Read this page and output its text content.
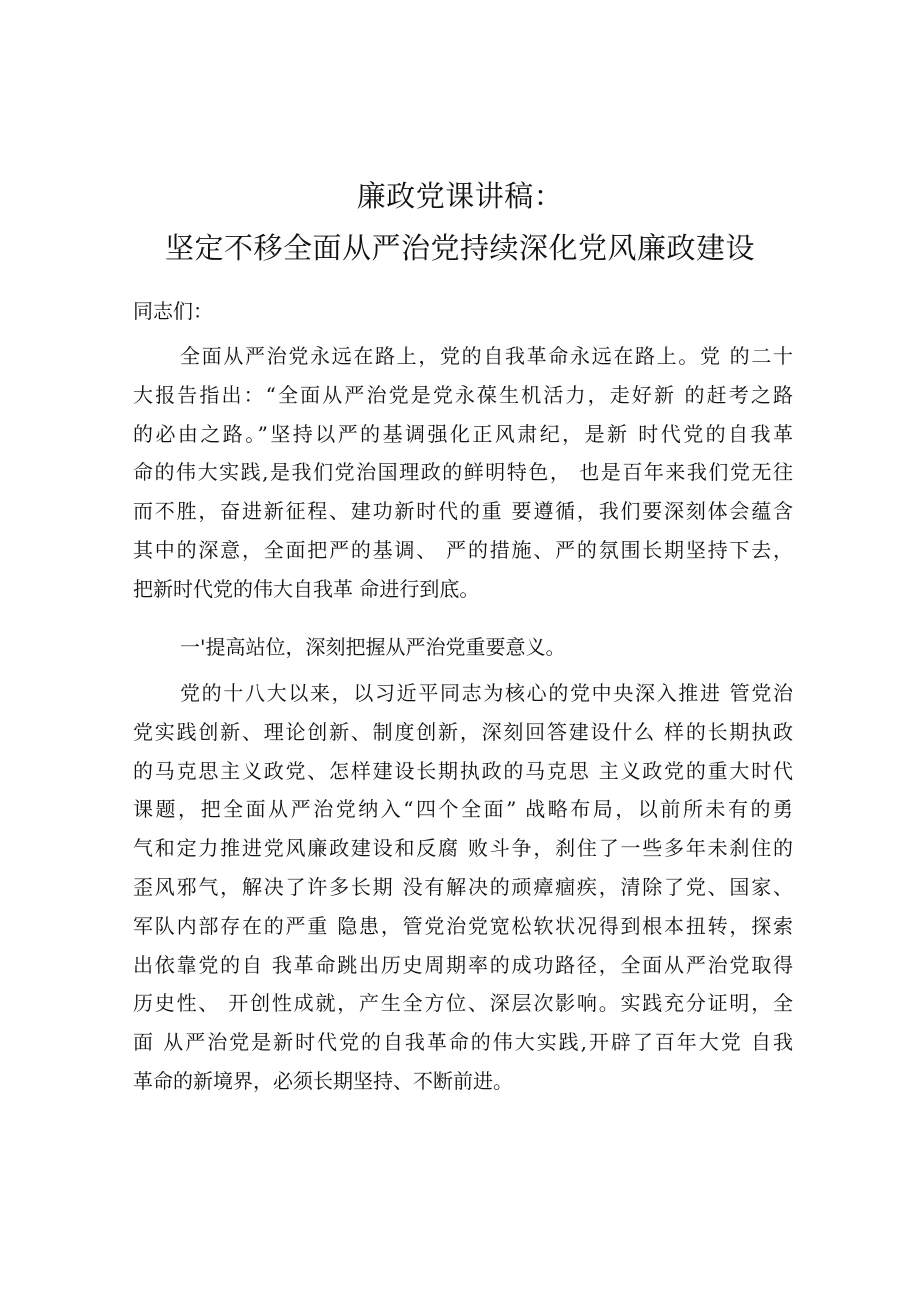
廉政党课讲稿：
坚定不移全面从严治党持续深化党风廉政建设
同志们：
全面从严治党永远在路上，党的自我革命永远在路上。党 的二十
大报告指出：“全面从严治党是党永葆生机活力，走好新 的赶考之路
的必由之路。”坚持以严的基调强化正风肃纪，是新 时代党的自我革
命的伟大实践,是我们党治国理政的鲜明特色， 也是百年来我们党无往
而不胜，奋进新征程、建功新时代的重 要遵循，我们要深刻体会蕴含
其中的深意，全面把严的基调、 严的措施、严的氛围长期坚持下去，
把新时代党的伟大自我革 命进行到底。
一'提高站位，深刻把握从严治党重要意义。
党的十八大以来，以习近平同志为核心的党中央深入推进 管党治
党实践创新、理论创新、制度创新，深刻回答建设什么 样的长期执政
的马克思主义政党、怎样建设长期执政的马克思 主义政党的重大时代
课题，把全面从严治党纳入“四个全面” 战略布局，以前所未有的勇
气和定力推进党风廉政建设和反腐 败斗争，刹住了一些多年未刹住的
歪风邪气，解决了许多长期 没有解决的顽瘴痼疾，清除了党、国家、
军队内部存在的严重 隐患，管党治党宽松软状况得到根本扭转，探索
出依靠党的自 我革命跳出历史周期率的成功路径，全面从严治党取得
历史性、 开创性成就，产生全方位、深层次影响。实践充分证明，全
面 从严治党是新时代党的自我革命的伟大实践,开辟了百年大党 自我
革命的新境界，必须长期坚持、不断前进。
